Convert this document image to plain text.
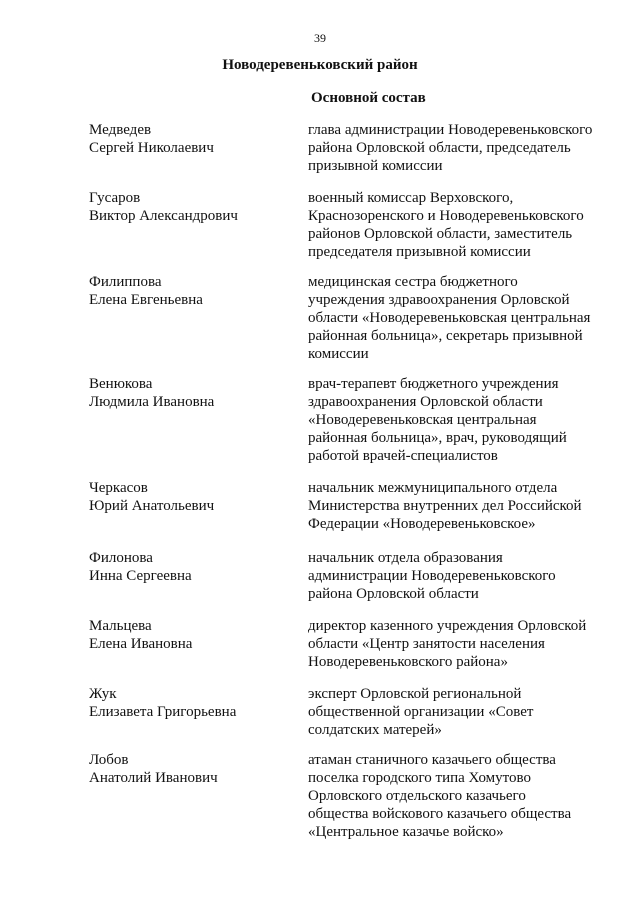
39
Новодеревеньковский район
Основной состав
Медведев
Сергей Николаевич
глава администрации Новодеревеньковского
района Орловской области, председатель
призывной комиссии
Гусаров
Виктор Александрович
военный комиссар Верховского,
Краснозоренского и Новодеревеньковского
районов Орловской области, заместитель
председателя призывной комиссии
Филиппова
Елена Евгеньевна
медицинская сестра бюджетного
учреждения здравоохранения Орловской
области «Новодеревеньковская центральная
районная больница», секретарь призывной
комиссии
Венюкова
Людмила Ивановна
врач-терапевт бюджетного учреждения
здравоохранения Орловской области
«Новодеревеньковская центральная
районная больница», врач, руководящий
работой врачей-специалистов
Черкасов
Юрий Анатольевич
начальник межмуниципального отдела
Министерства внутренних дел Российской
Федерации «Новодеревеньковское»
Филонова
Инна Сергеевна
начальник отдела образования
администрации Новодеревеньковского
района Орловской области
Мальцева
Елена Ивановна
директор казенного учреждения Орловской
области «Центр занятости населения
Новодеревеньковского района»
Жук
Елизавета Григорьевна
эксперт Орловской региональной
общественной организации «Совет
солдатских матерей»
Лобов
Анатолий Иванович
атаман станичного казачьего общества
поселка городского типа Хомутово
Орловского отдельского казачьего
общества войскового казачьего общества
«Центральное казачье войско»
